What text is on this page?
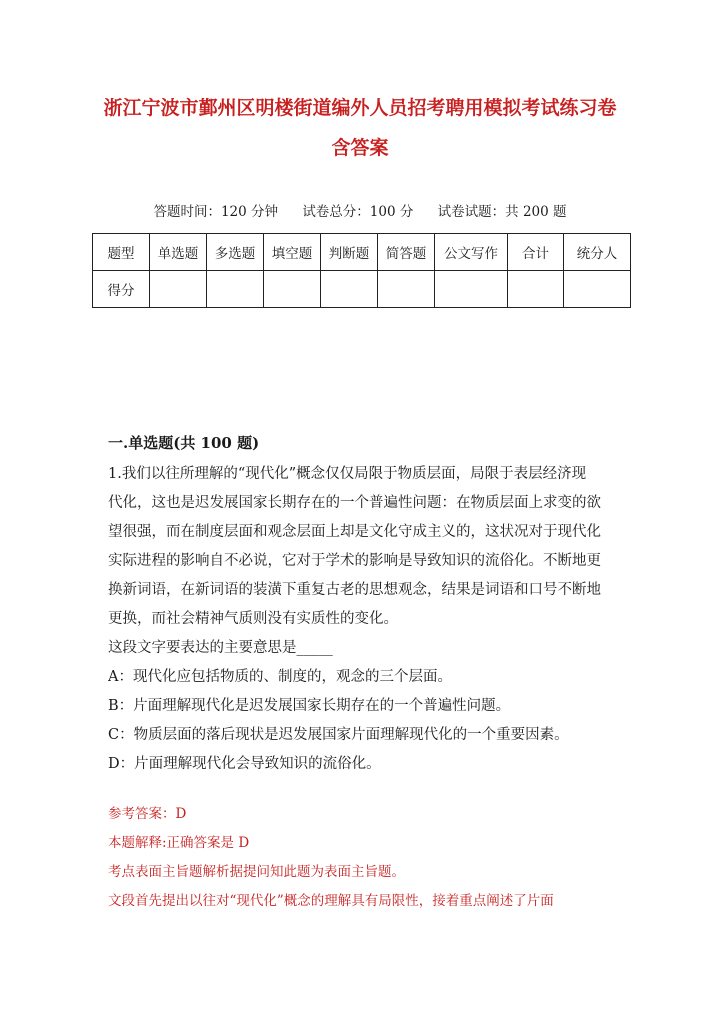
浙江宁波市鄞州区明楼街道编外人员招考聘用模拟考试练习卷含答案
答题时间：120 分钟 试卷总分：100 分 试卷试题：共 200 题
题型	单选题	多选题	填空题	判断题	简答题	公文写作	合计	统分人
得分								
一.单选题(共 100 题)
1.我们以往所理解的“现代化”概念仅仅局限于物质层面，局限于表层经济现
代化，这也是迟发展国家长期存在的一个普遍性问题：在物质层面上求变的欲
望很强，而在制度层面和观念层面上却是文化守成主义的，这状况对于现代化
实际进程的影响自不必说，它对于学术的影响是导致知识的流俗化。不断地更
换新词语，在新词语的装潢下重复古老的思想观念，结果是词语和口号不断地
更换，而社会精神气质则没有实质性的变化。
这段文字要表达的主要意思是_____
A：现代化应包括物质的、制度的，观念的三个层面。
B：片面理解现代化是迟发展国家长期存在的一个普遍性问题。
C：物质层面的落后现状是迟发展国家片面理解现代化的一个重要因素。
D：片面理解现代化会导致知识的流俗化。
参考答案：D
本题解释:正确答案是 D
考点表面主旨题解析据提问知此题为表面主旨题。
文段首先提出以往对“现代化”概念的理解具有局限性，接着重点阐述了片面
